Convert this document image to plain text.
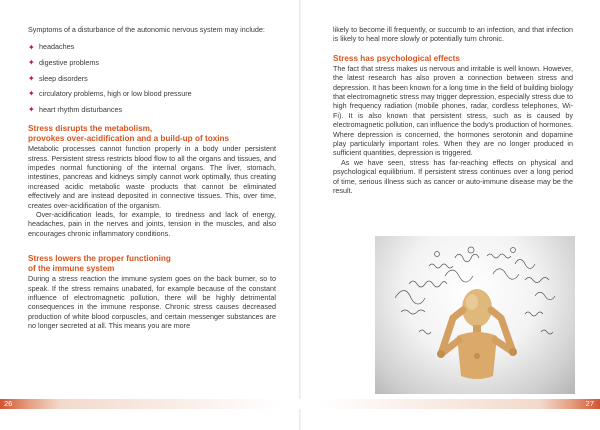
Symptoms of a disturbance of the autonomic nervous system may include:

✦ headaches
✦ digestive problems
✦ sleep disorders
✦ circulatory problems, high or low blood pressure
✦ heart rhythm disturbances
Stress disrupts the metabolism,
provokes over-acidification and a build-up of toxins

Metabolic processes cannot function properly in a body under persistent stress. Persistent stress restricts blood flow to all the organs and tissues, and impedes normal functioning of the internal organs. The liver, stomach, intestines, pancreas and kidneys simply cannot work optimally, thus creating increased acidic metabolic waste products that cannot be eliminated effectively and are instead deposited in connective tissues. This, over time, creates over-acidification of the organism.

Over-acidification leads, for example, to tiredness and lack of energy, headaches, pain in the nerves and joints, tension in the muscles, and also encourages chronic inflammatory conditions.

Stress lowers the proper functioning
of the immune system

During a stress reaction the immune system goes on the back burner, so to speak. If the stress remains unabated, for example because of the constant influence of electromagnetic pollution, there will be highly detrimental consequences in the immune response. Chronic stress causes decreased production of white blood corpuscles, and certain messenger substances are no longer secreted at all. This means you are more

likely to become ill frequently, or succumb to an infection, and that infection is likely to heal more slowly or potentially turn chronic.

Stress has psychological effects

The fact that stress makes us nervous and irritable is well known. However, the latest research has also proven a connection between stress and depression. It has been known for a long time in the field of building biology that electromagnetic stress may trigger depression, especially stress due to high frequency radiation (mobile phones, radar, cordless telephones, Wi-Fi). It is also known that persistent stress, such as is caused by electromagnetic pollution, can influence the body’s production of hormones. Where depression is concerned, the hormones serotonin and dopamine play particularly important roles. When they are no longer produced in sufficient quantities, depression is triggered.

As we have seen, stress has far-reaching effects on physical and psychological equilibrium. If persistent stress continues over a long period of time, serious illness such as cancer or auto-immune disease may be the result.

26	27
